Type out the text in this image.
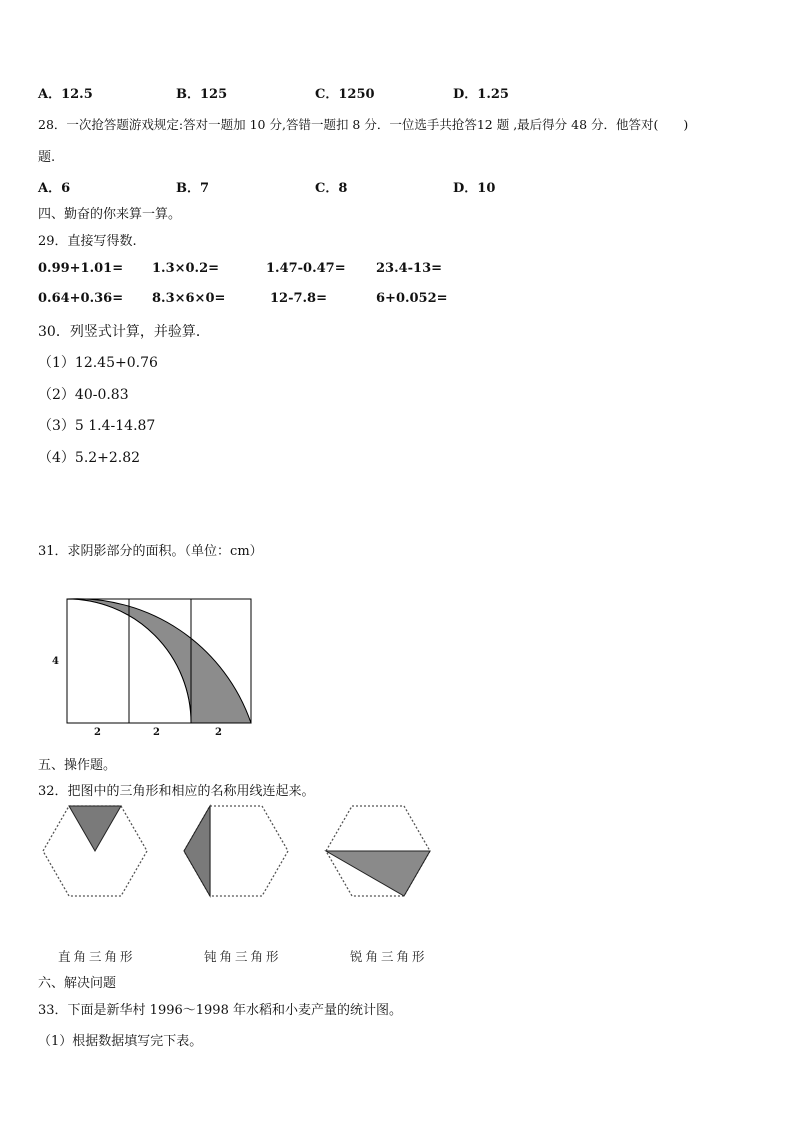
A．12.5	B．125	C．1250	D．1.25
28．一次抢答题游戏规定:答对一题加 10 分,答错一题扣 8 分．一位选手共抢答12 题 ,最后得分 48 分．他答对(　　)
题.
A．6	B．7	C．8	D．10
四、勤奋的你来算一算。
29．直接写得数.
0.99+1.01= 1.3×0.2=	1.47-0.47= 23.4-13=
0.64+0.36= 8.3×6×0=	12-7.8=	6+0.052=
30．列竖式计算，并验算．
（1）12.45+0.76
（2）40-0.83
（3）5 1.4-14.87
（4）5.2+2.82
31．求阴影部分的面积。（单位：cm）
4
2	2	2
五、操作题。
32．把图中的三角形和相应的名称用线连起来。
直角三角形	钝角三角形	锐角三角形
六、解决问题
33．下面是新华村 1996～1998 年水稻和小麦产量的统计图。
（1）根据数据填写完下表。
